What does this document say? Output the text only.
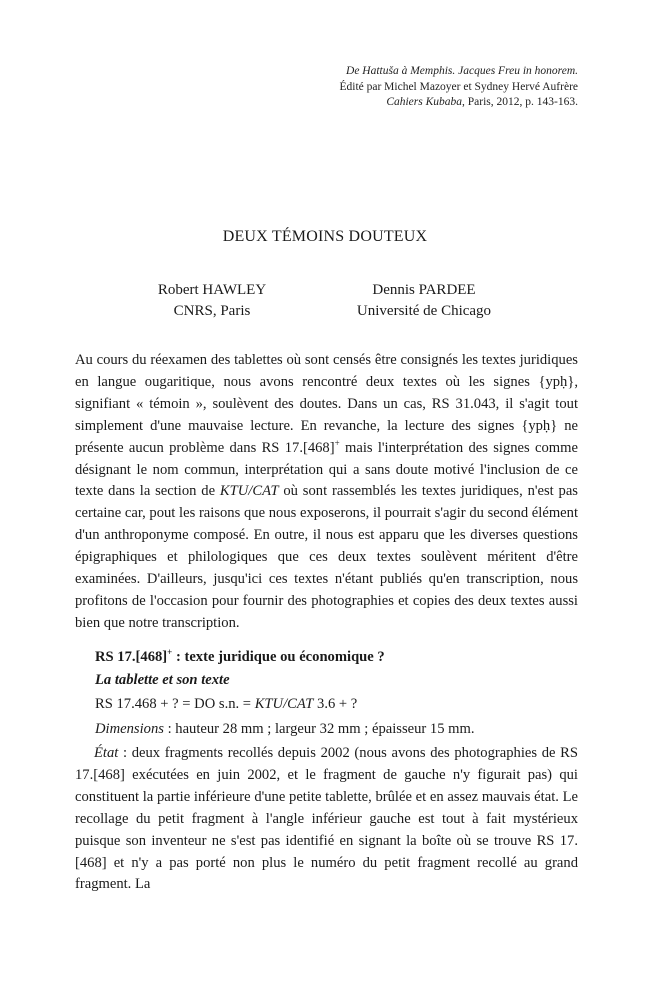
De Hattuša à Memphis. Jacques Freu in honorem.
Édité par Michel Mazoyer et Sydney Hervé Aufrère
Cahiers Kubaba, Paris, 2012, p. 143-163.
DEUX TÉMOINS DOUTEUX
Robert HAWLEY
CNRS, Paris
Dennis PARDEE
Université de Chicago

Au cours du réexamen des tablettes où sont censés être consignés les textes juridiques en langue ougaritique, nous avons rencontré deux textes où les signes {ypḥ}, signifiant « témoin », soulèvent des doutes. Dans un cas, RS 31.043, il s'agit tout simplement d'une mauvaise lecture. En revanche, la lecture des signes {ypḥ} ne présente aucun problème dans RS 17.[468]+ mais l'interprétation des signes comme désignant le nom commun, interprétation qui a sans doute motivé l'inclusion de ce texte dans la section de KTU/CAT où sont rassemblés les textes juridiques, n'est pas certaine car, pout les raisons que nous exposerons, il pourrait s'agir du second élément d'un anthroponyme composé. En outre, il nous est apparu que les diverses questions épigraphiques et philologiques que ces deux textes soulèvent méritent d'être examinées. D'ailleurs, jusqu'ici ces textes n'étant publiés qu'en transcription, nous profitons de l'occasion pour fournir des photographies et copies des deux textes aussi bien que notre transcription.

RS 17.[468]+ : texte juridique ou économique ?
La tablette et son texte
RS 17.468 + ? = DO s.n. = KTU/CAT 3.6 + ?
Dimensions : hauteur 28 mm ; largeur 32 mm ; épaisseur 15 mm.

État : deux fragments recollés depuis 2002 (nous avons des photographies de RS 17.[468] exécutées en juin 2002, et le fragment de gauche n'y figurait pas) qui constituent la partie inférieure d'une petite tablette, brûlée et en assez mauvais état. Le recollage du petit fragment à l'angle inférieur gauche est tout à fait mystérieux puisque son inventeur ne s'est pas identifié en signant la boîte où se trouve RS 17.[468] et n'y a pas porté non plus le numéro du petit fragment recollé au grand fragment. La
